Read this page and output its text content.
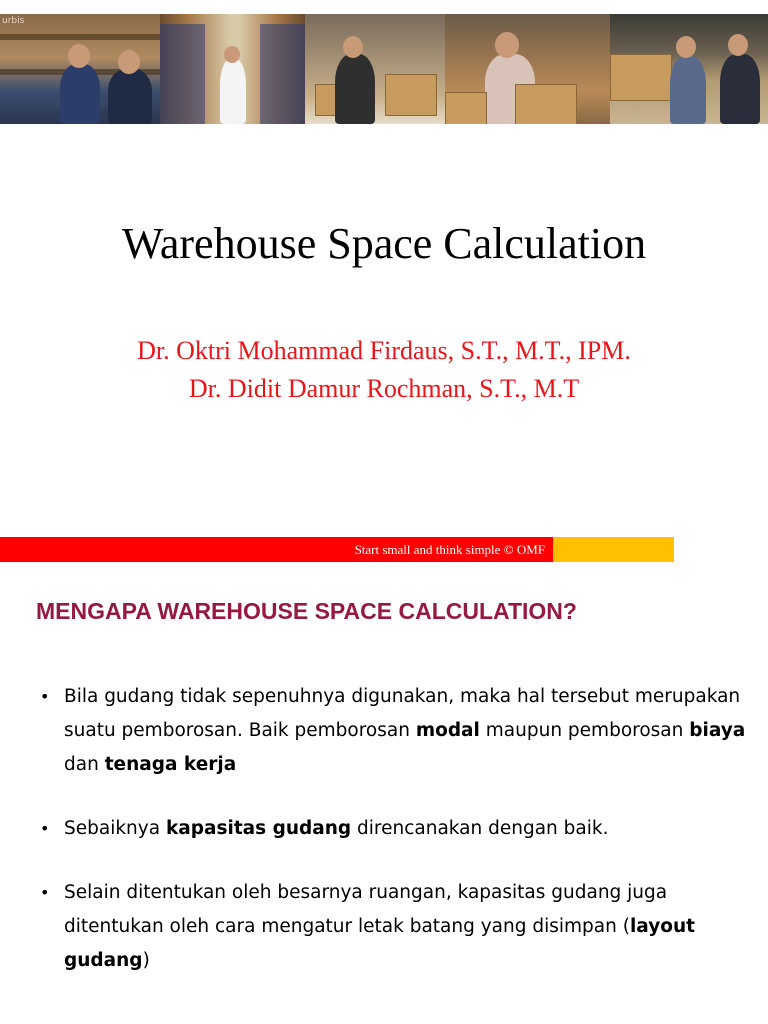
urbis
Warehouse Space Calculation
Dr. Oktri Mohammad Firdaus, S.T., M.T., IPM.
Dr. Didit Damur Rochman, S.T., M.T
Start small and think simple © OMF
MENGAPA WAREHOUSE SPACE CALCULATION?
• Bila gudang tidak sepenuhnya digunakan, maka hal tersebut merupakan suatu pemborosan. Baik pemborosan modal maupun pemborosan biaya dan tenaga kerja
• Sebaiknya kapasitas gudang direncanakan dengan baik.
• Selain ditentukan oleh besarnya ruangan, kapasitas gudang juga ditentukan oleh cara mengatur letak batang yang disimpan (layout gudang)
